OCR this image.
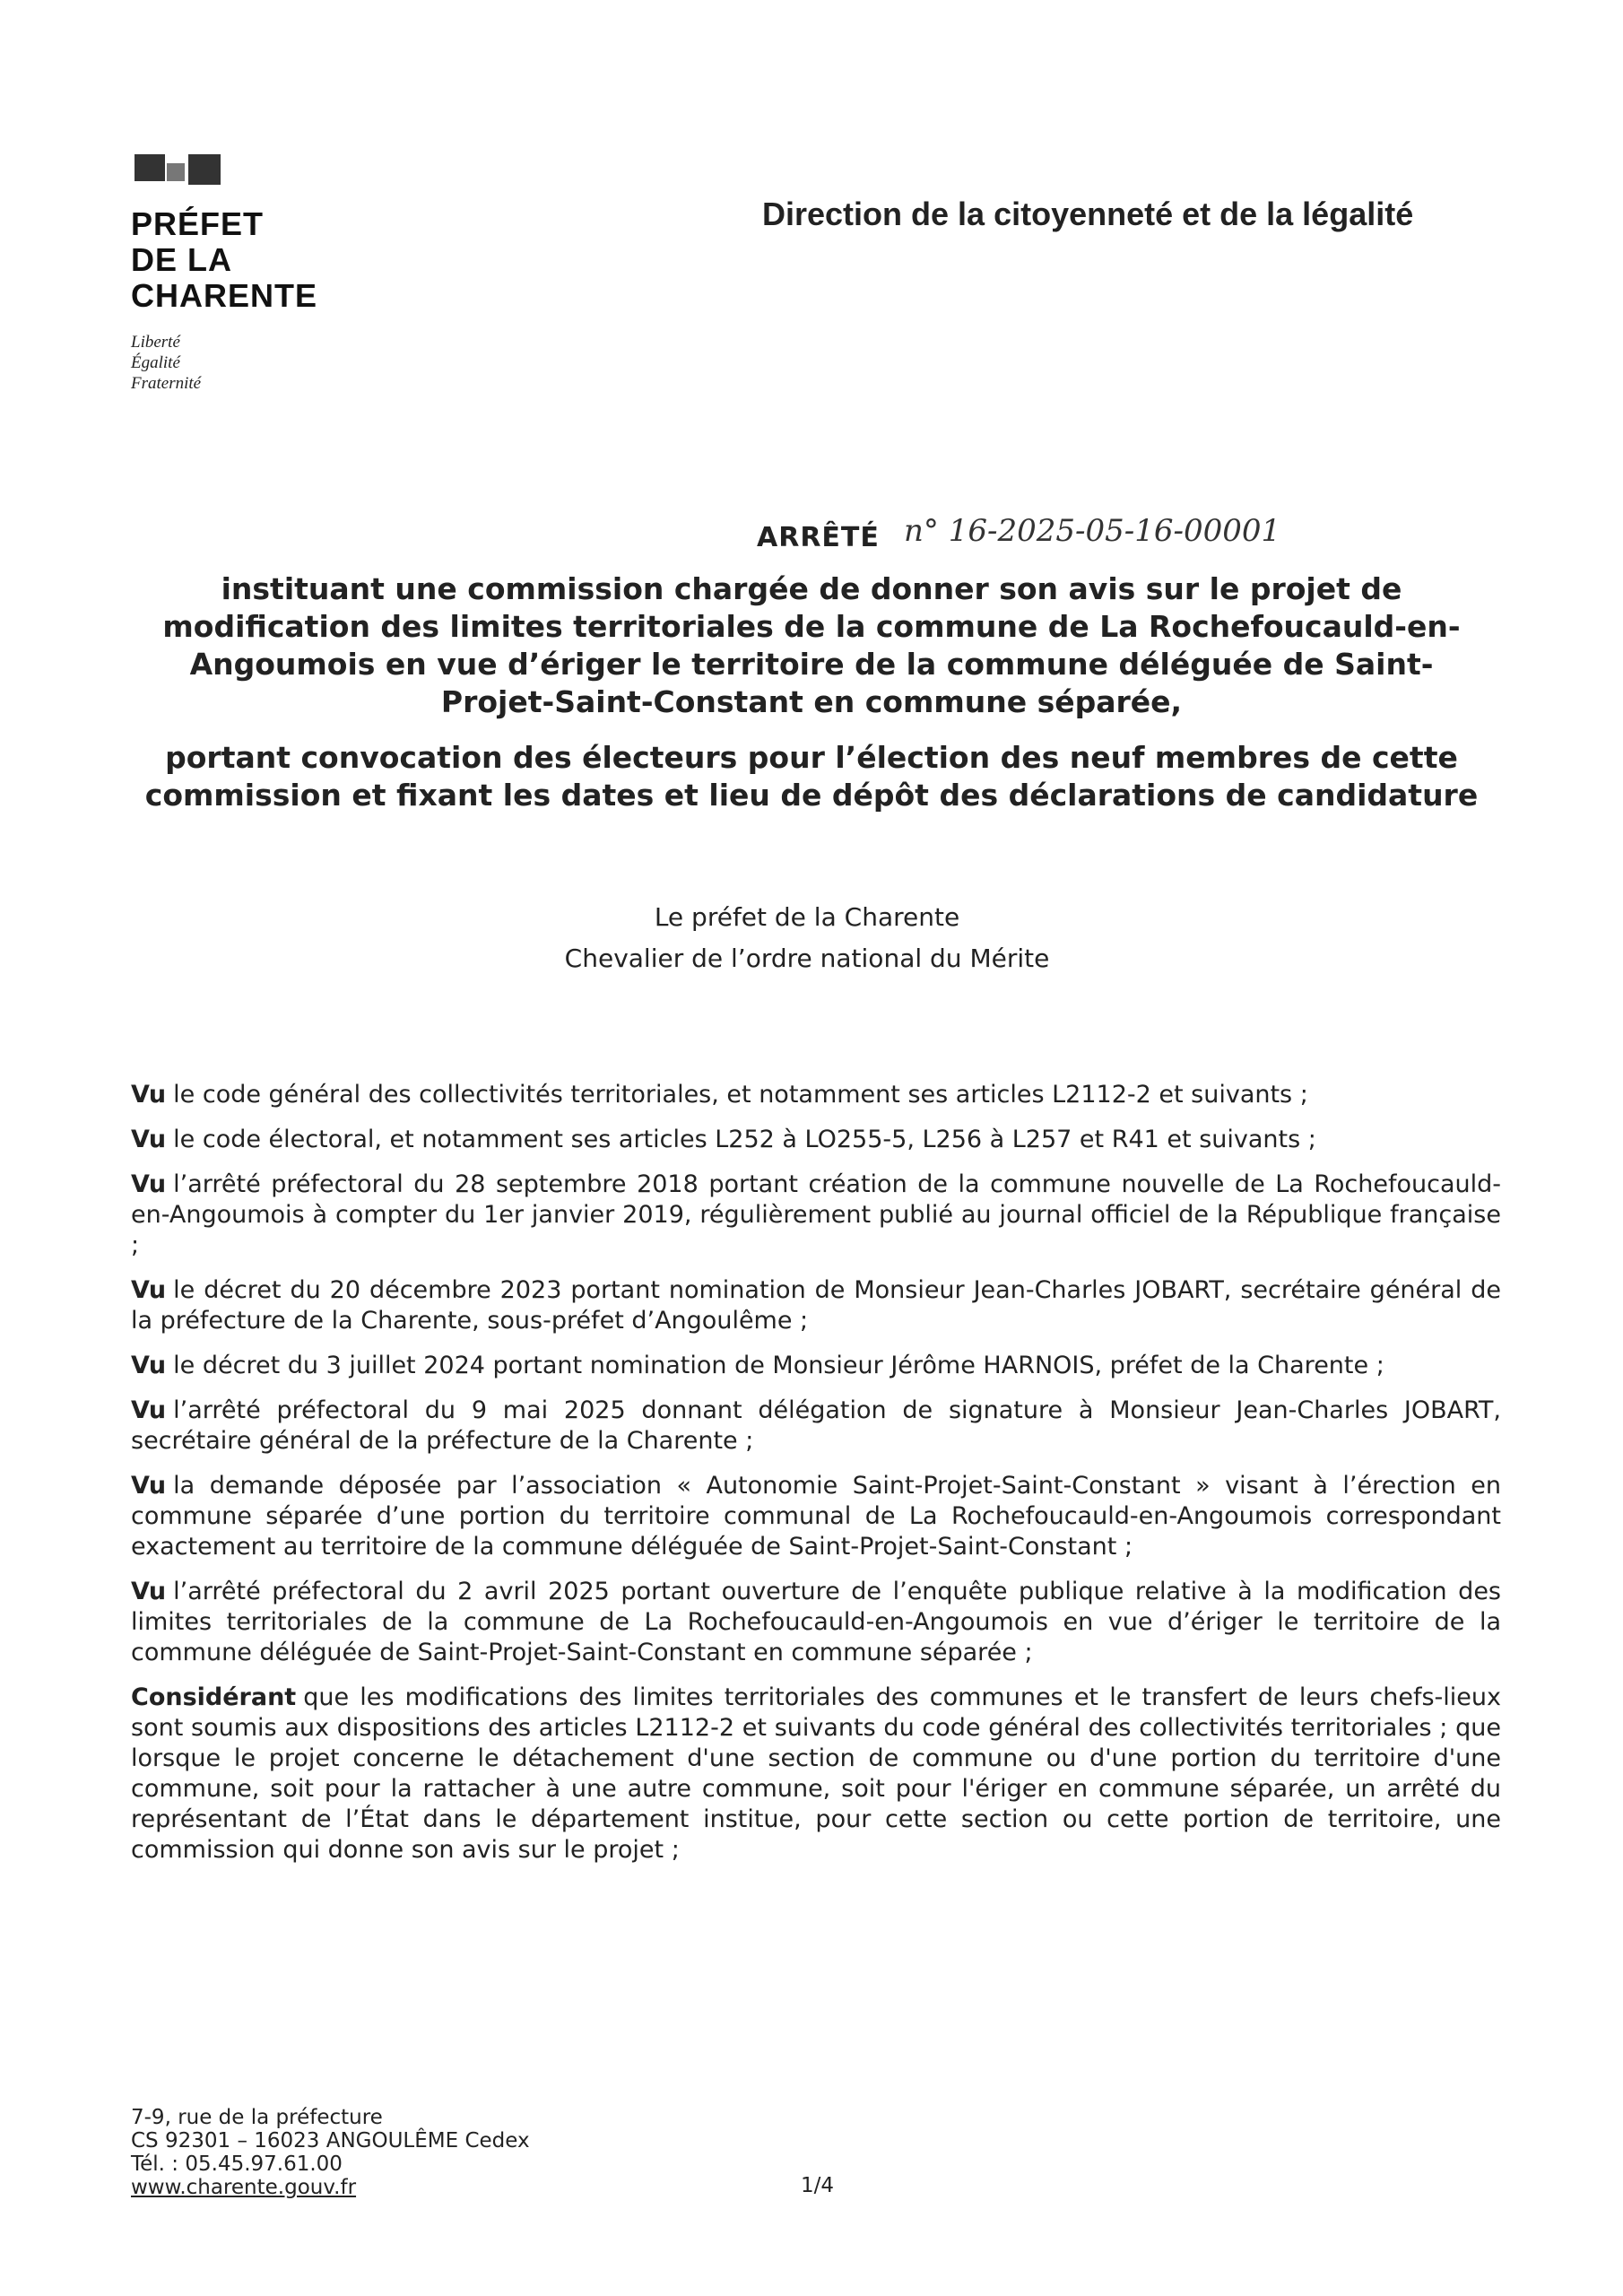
PRÉFET
DE LA
CHARENTE
Liberté
Égalité
Fraternité
Direction de la citoyenneté et de la légalité
ARRÊTÉ n° 16-2025-05-16-00001
instituant une commission chargée de donner son avis sur le projet de modification des limites territoriales de la commune de La Rochefoucauld-en-Angoumois en vue d’ériger le territoire de la commune déléguée de Saint-Projet-Saint-Constant en commune séparée,
portant convocation des électeurs pour l’élection des neuf membres de cette commission et fixant les dates et lieu de dépôt des déclarations de candidature
Le préfet de la Charente
Chevalier de l’ordre national du Mérite

Vu le code général des collectivités territoriales, et notamment ses articles L2112-2 et suivants ;

Vu le code électoral, et notamment ses articles L252 à LO255-5, L256 à L257 et R41 et suivants ;

Vu l’arrêté préfectoral du 28 septembre 2018 portant création de la commune nouvelle de La Rochefoucauld-en-Angoumois à compter du 1er janvier 2019, régulièrement publié au journal officiel de la République française ;

Vu le décret du 20 décembre 2023 portant nomination de Monsieur Jean-Charles JOBART, secrétaire général de la préfecture de la Charente, sous-préfet d’Angoulême ;

Vu le décret du 3 juillet 2024 portant nomination de Monsieur Jérôme HARNOIS, préfet de la Charente ;

Vu l’arrêté préfectoral du 9 mai 2025 donnant délégation de signature à Monsieur Jean-Charles JOBART, secrétaire général de la préfecture de la Charente ;

Vu la demande déposée par l’association « Autonomie Saint-Projet-Saint-Constant » visant à l’érection en commune séparée d’une portion du territoire communal de La Rochefoucauld-en-Angoumois correspondant exactement au territoire de la commune déléguée de Saint-Projet-Saint-Constant ;

Vu l’arrêté préfectoral du 2 avril 2025 portant ouverture de l’enquête publique relative à la modification des limites territoriales de la commune de La Rochefoucauld-en-Angoumois en vue d’ériger le territoire de la commune déléguée de Saint-Projet-Saint-Constant en commune séparée ;

Considérant que les modifications des limites territoriales des communes et le transfert de leurs chefs-lieux sont soumis aux dispositions des articles L2112-2 et suivants du code général des collectivités territoriales ; que lorsque le projet concerne le détachement d'une section de commune ou d'une portion du territoire d'une commune, soit pour la rattacher à une autre commune, soit pour l'ériger en commune séparée, un arrêté du représentant de l’État dans le département institue, pour cette section ou cette portion de territoire, une commission qui donne son avis sur le projet ;

7-9, rue de la préfecture
CS 92301 – 16023 ANGOULÊME Cedex
Tél. : 05.45.97.61.00
www.charente.gouv.fr	1/4
